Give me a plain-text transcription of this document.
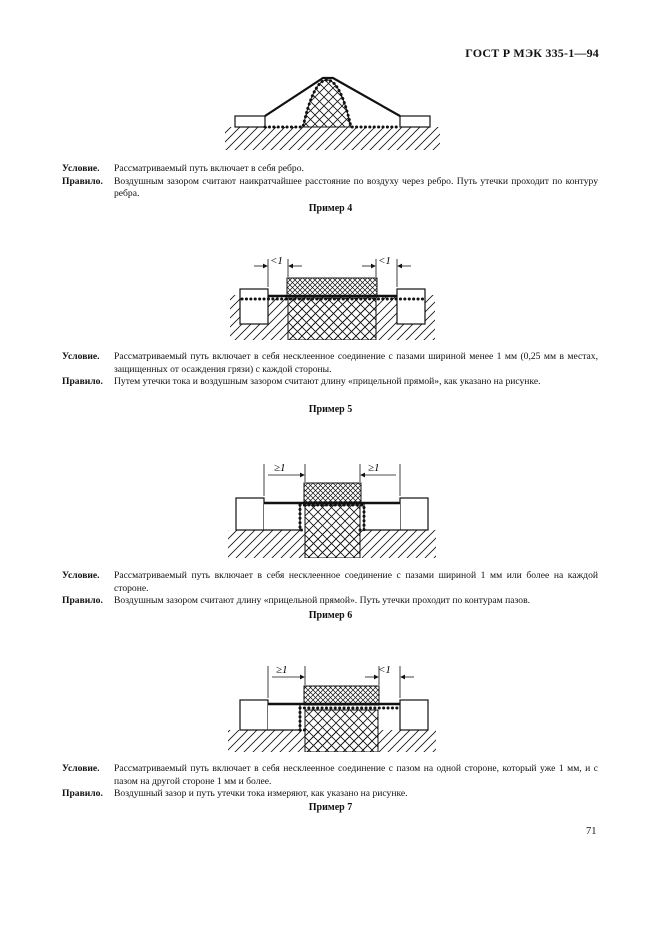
ГОСТ Р МЭК 335-1—94
Условие.	Рассматриваемый путь включает в себя ребро.
Правило.	Воздушным зазором считают наикратчайшее расстояние по воздуху через ребро. Путь утечки проходит по контуру ребра.
Пример 4
<1	<1
Условие.	Рассматриваемый путь включает в себя несклеенное соединение с пазами шириной менее 1 мм (0,25 мм в местах, защищенных от осаждения грязи) с каждой стороны.
Правило.	Путем утечки тока и воздушным зазором считают длину «прицельной прямой», как указано на рисунке.
Пример 5
≥1	≥1
Условие.	Рассматриваемый путь включает в себя несклеенное соединение с пазами шириной 1 мм или более на каждой стороне.
Правило.	Воздушным зазором считают длину «прицельной прямой». Путь утечки проходит по контурам пазов.
Пример 6
≥1	<1
Условие.	Рассматриваемый путь включает в себя несклеенное соединение с пазом на одной стороне, который уже 1 мм, и с пазом на другой стороне 1 мм и более.
Правило.	Воздушный зазор и путь утечки тока измеряют, как указано на рисунке.
Пример 7
71
